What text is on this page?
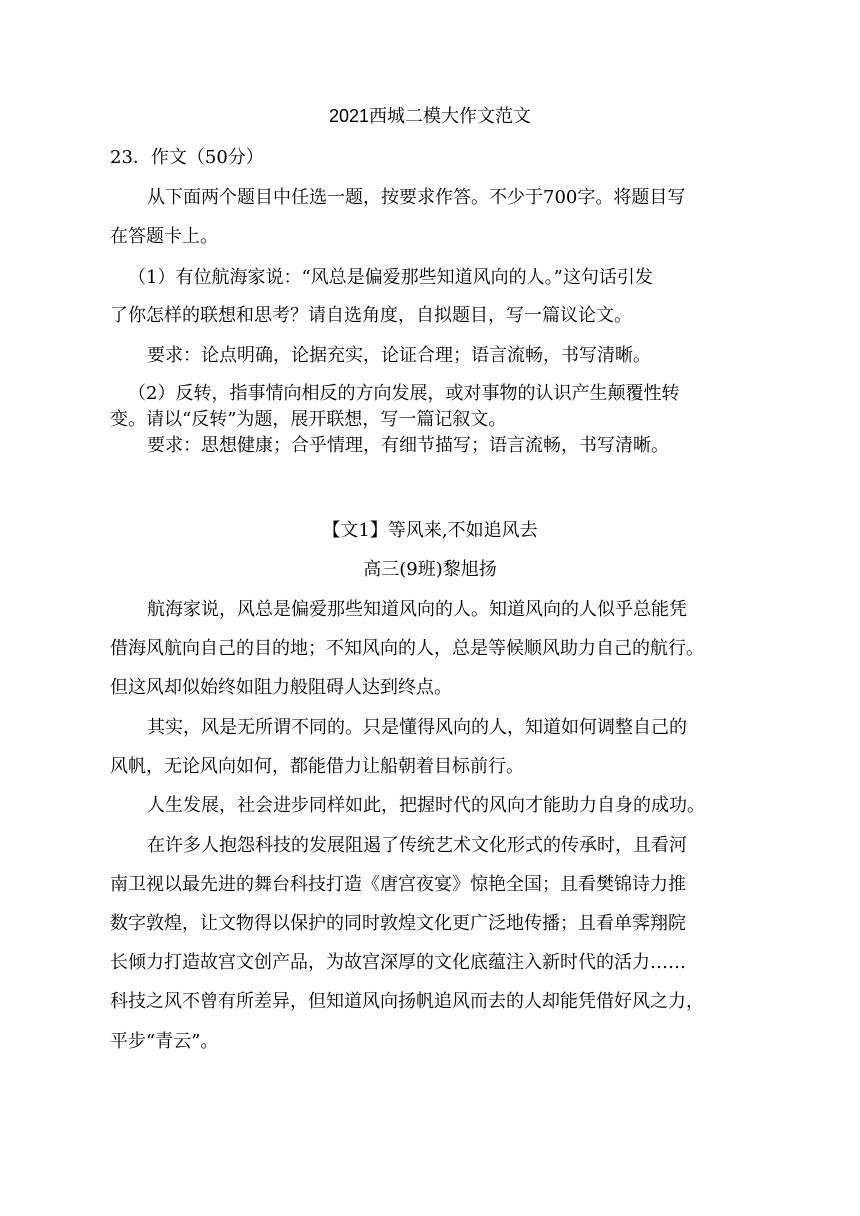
2021西城二模大作文范文

23．作文（50分）

从下面两个题目中任选一题，按要求作答。不少于700字。将题目写

在答题卡上。

（1）有位航海家说：“风总是偏爱那些知道风向的人。”这句话引发

了你怎样的联想和思考？请自选角度，自拟题目，写一篇议论文。

要求：论点明确，论据充实，论证合理；语言流畅，书写清晰。

（2）反转，指事情向相反的方向发展，或对事物的认识产生颠覆性转

变。请以“反转”为题，展开联想，写一篇记叙文。

要求：思想健康；合乎情理，有细节描写；语言流畅，书写清晰。

【文1】等风来,不如追风去

高三(9班)黎旭扬

航海家说，风总是偏爱那些知道风向的人。知道风向的人似乎总能凭

借海风航向自己的目的地；不知风向的人，总是等候顺风助力自己的航行。

但这风却似始终如阻力般阻碍人达到终点。

其实，风是无所谓不同的。只是懂得风向的人，知道如何调整自己的

风帆，无论风向如何，都能借力让船朝着目标前行。

人生发展，社会进步同样如此，把握时代的风向才能助力自身的成功。

在许多人抱怨科技的发展阻遏了传统艺术文化形式的传承时，且看河

南卫视以最先进的舞台科技打造《唐宫夜宴》惊艳全国；且看樊锦诗力推

数字敦煌，让文物得以保护的同时敦煌文化更广泛地传播；且看单霁翔院

长倾力打造故宫文创产品，为故宫深厚的文化底蕴注入新时代的活力……

科技之风不曾有所差异，但知道风向扬帆追风而去的人却能凭借好风之力，

平步“青云”。
